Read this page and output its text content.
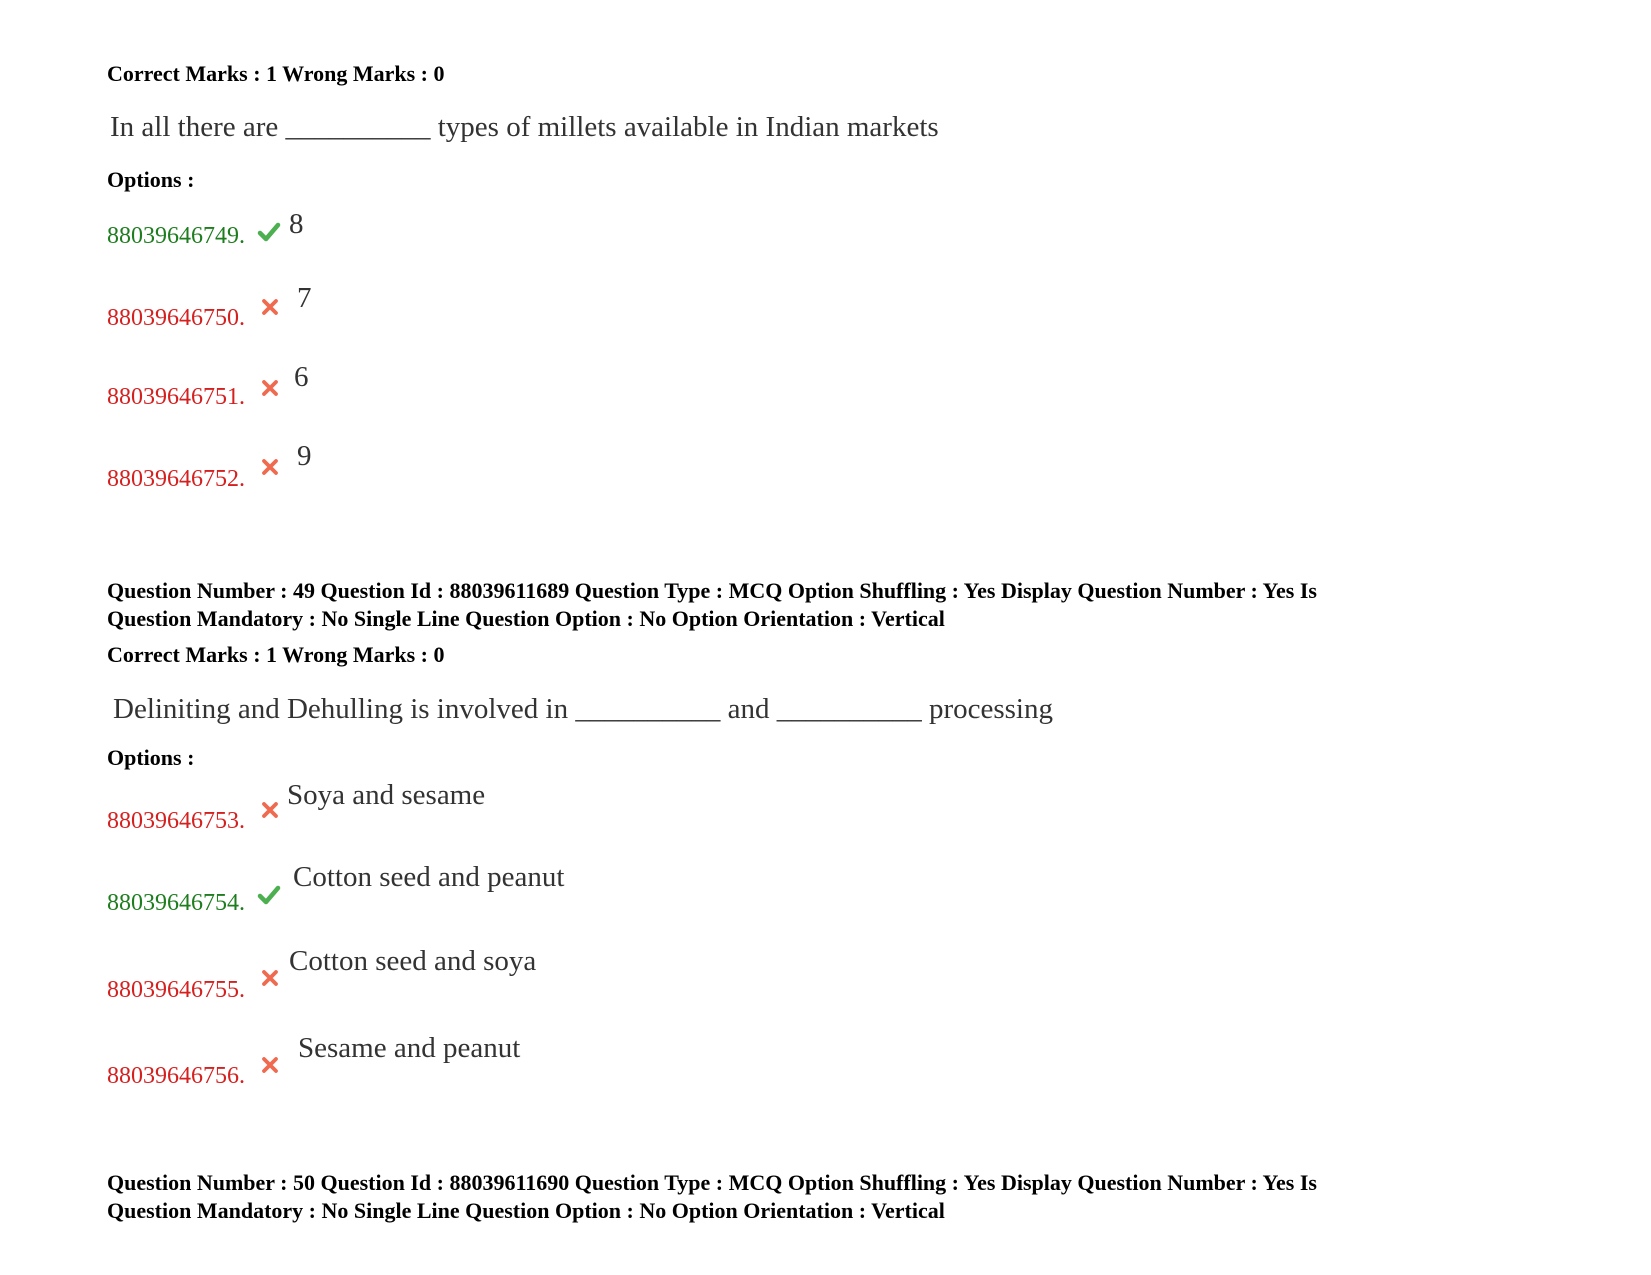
Correct Marks : 1 Wrong Marks : 0
In all there are __________ types of millets available in Indian markets
Options :
88039646749. 8
88039646750.
7
88039646751.
6
88039646752.
9
Question Number : 49 Question Id : 88039611689 Question Type : MCQ Option Shuffling : Yes Display Question Number : Yes Is
Question Mandatory : No Single Line Question Option : No Option Orientation : Vertical
Correct Marks : 1 Wrong Marks : 0
Deliniting and Dehulling is involved in __________ and __________ processing
Options :
88039646753.
Soya and sesame
88039646754.
Cotton seed and peanut
88039646755.
Cotton seed and soya
88039646756.
Sesame and peanut
Question Number : 50 Question Id : 88039611690 Question Type : MCQ Option Shuffling : Yes Display Question Number : Yes Is
Question Mandatory : No Single Line Question Option : No Option Orientation : Vertical
